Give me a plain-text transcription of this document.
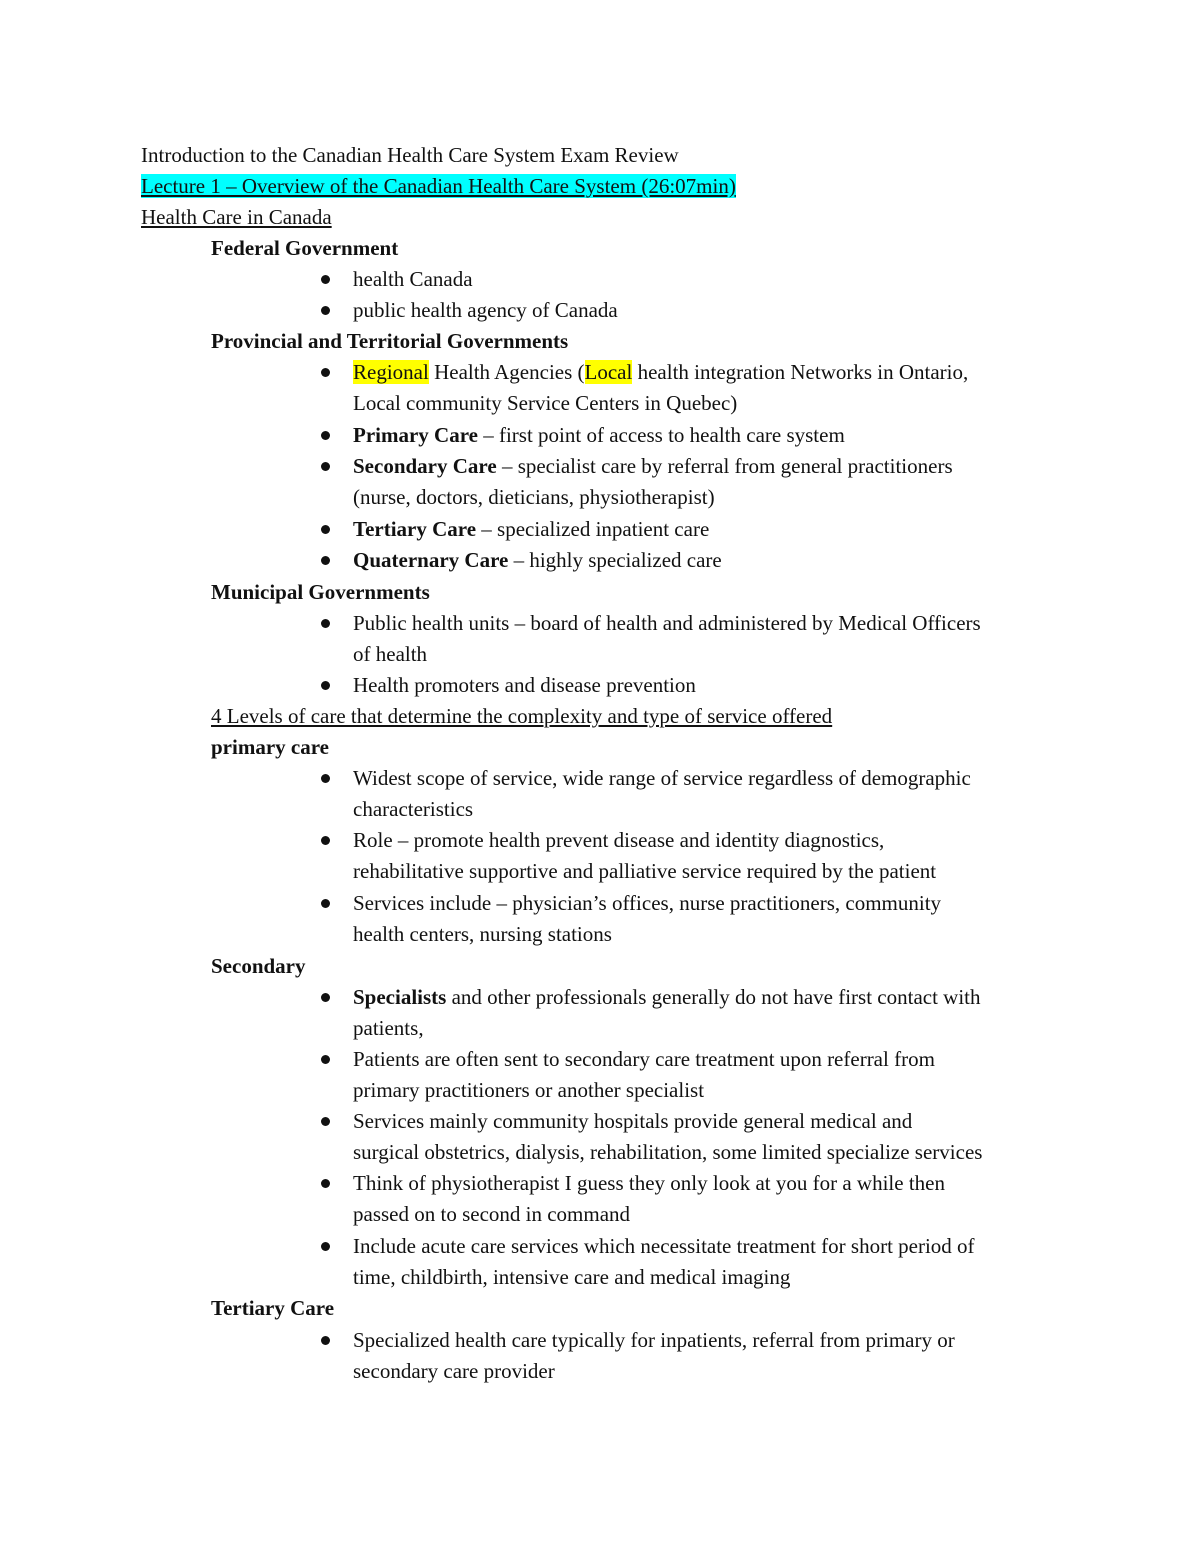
Introduction to the Canadian Health Care System Exam Review
Lecture 1 – Overview of the Canadian Health Care System (26:07min)
Health Care in Canada
Federal Government
health Canada
public health agency of Canada
Provincial and Territorial Governments
Regional Health Agencies (Local health integration Networks in Ontario,
Local community Service Centers in Quebec)
Primary Care – first point of access to health care system
Secondary Care – specialist care by referral from general practitioners
(nurse, doctors, dieticians, physiotherapist)
Tertiary Care – specialized inpatient care
Quaternary Care – highly specialized care
Municipal Governments
Public health units – board of health and administered by Medical Officers
of health
Health promoters and disease prevention
4 Levels of care that determine the complexity and type of service offered
primary care
Widest scope of service, wide range of service regardless of demographic
characteristics
Role – promote health prevent disease and identity diagnostics,
rehabilitative supportive and palliative service required by the patient
Services include – physician’s offices, nurse practitioners, community
health centers, nursing stations
Secondary
Specialists and other professionals generally do not have first contact with
patients,
Patients are often sent to secondary care treatment upon referral from
primary practitioners or another specialist
Services mainly community hospitals provide general medical and
surgical obstetrics, dialysis, rehabilitation, some limited specialize services
Think of physiotherapist I guess they only look at you for a while then
passed on to second in command
Include acute care services which necessitate treatment for short period of
time, childbirth, intensive care and medical imaging
Tertiary Care
Specialized health care typically for inpatients, referral from primary or
secondary care provider
